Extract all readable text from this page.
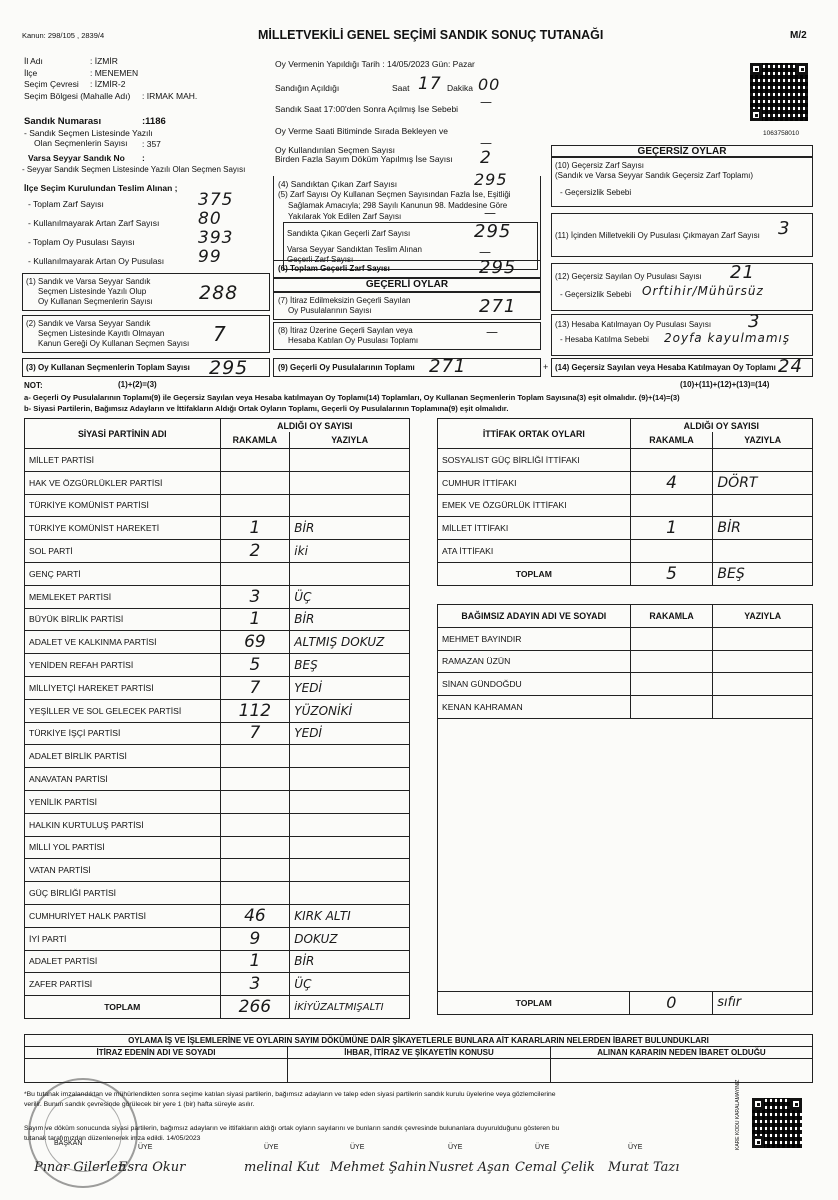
Kanun: 298/105 , 2839/4	MİLLETVEKİLİ GENEL SEÇİMİ SANDIK SONUÇ TUTANAĞI	M/2
1063758010
İl Adı	: İZMİR
İlçe	: MENEMEN
Seçim Çevresi : İZMİR-2
Seçim Bölgesi (Mahalle Adı) : IRMAK MAH.
Oy Vermenin Yapıldığı Tarih : 14/05/2023 Gün: Pazar
Sandığın Açıldığı	Saat 17 Dakika 00
Sandık Saat 17:00'den Sonra Açılmış İse Sebebi —
Sandık Numarası	:1186
- Sandık Seçmen Listesinde Yazılı
Olan Seçmenlerin Sayısı	: 357
Varsa Seyyar Sandık No :
- Seyyar Sandık Seçmen Listesinde Yazılı Olan Seçmen Sayısı
Oy Verme Saati Bitiminde Sırada Bekleyen ve
Oy Kullandırılan Seçmen Sayısı	—
Birden Fazla Sayım Döküm Yapılmış İse Sayısı 2
İlçe Seçim Kurulundan Teslim Alınan ;
- Toplam Zarf Sayısı	375
- Kullanılmayarak Artan Zarf Sayısı 80
- Toplam Oy Pusulası Sayısı	393
- Kullanılmayarak Artan Oy Pusulası 99
(1) Sandık ve Varsa Seyyar Sandık
Seçmen Listesinde Yazılı Olup
Oy Kullanan Seçmenlerin Sayısı 288
(2) Sandık ve Varsa Seyyar Sandık
Seçmen Listesinde Kayıtlı Olmayan
Kanun Gereği Oy Kullanan Seçmen Sayısı 7
(3) Oy Kullanan Seçmenlerin Toplam Sayısı 295
(1)+(2)=(3)
(4) Sandıktan Çıkan Zarf Sayısı	295
(5) Zarf Sayısı Oy Kullanan Seçmen Sayısından Fazla İse, Eşitliği
Sağlamak Amacıyla; 298 Sayılı Kanunun 98. Maddesine Göre
Yakılarak Yok Edilen Zarf Sayısı	—
Sandıkta Çıkan Geçerli Zarf Sayısı	295
Varsa Seyyar Sandıktan Teslim Alınan
Geçerli Zarf Sayısı
—
(6) Toplam Geçerli Zarf Sayısı	295
GEÇERLİ OYLAR
(7) İtiraz Edilmeksizin Geçerli Sayılan
Oy Pusulalarının Sayısı	271
(8) İtiraz Üzerine Geçerli Sayılan veya
Hesaba Katılan Oy Pusulası Toplamı
—
(9) Geçerli Oy Pusulalarının Toplamı 271	+
GEÇERSİZ OYLAR
(10) Geçersiz Zarf Sayısı
(Sandık ve Varsa Seyyar Sandık Geçersiz Zarf Toplamı)
- Geçersizlik Sebebi
(11) İçinden Milletvekili Oy Pusulası Çıkmayan Zarf Sayısı 3
(12) Geçersiz Sayılan Oy Pusulası Sayısı 21
- Geçersizlik Sebebi Orftihir/Mühürsüz
(13) Hesaba Katılmayan Oy Pusulası Sayısı 3
- Hesaba Katılma Sebebi 2oyfa kayulmamış
(14) Geçersiz Sayılan veya Hesaba Katılmayan Oy Toplamı 24
(10)+(11)+(12)+(13)=(14)
NOT:
a- Geçerli Oy Pusulalarının Toplamı(9) ile Geçersiz Sayılan veya Hesaba katılmayan Oy Toplamı(14) Toplamları, Oy Kullanan Seçmenlerin Toplam Sayısına(3) eşit olmalıdır. (9)+(14)=(3)
b- Siyasi Partilerin, Bağımsız Adayların ve İttifakların Aldığı Ortak Oyların Toplamı, Geçerli Oy Pusulalarının Toplamına(9) eşit olmalıdır.
SİYASİ PARTİNİN ADI	ALDIĞI OY SAYISI	
	RAKAMLA	YAZIYLA
MİLLET PARTİSİ		
HAK VE ÖZGÜRLÜKLER PARTİSİ		
TÜRKİYE KOMÜNİST PARTİSİ		
TÜRKİYE KOMÜNİST HAREKETİ	1	BİR
SOL PARTİ	2	iki
GENÇ PARTİ		
MEMLEKET PARTİSİ	3	ÜÇ
BÜYÜK BİRLİK PARTİSİ	1	BİR
ADALET VE KALKINMA PARTİSİ	69	ALTMIŞ DOKUZ
YENİDEN REFAH PARTİSİ	5	BEŞ
MİLLİYETÇİ HAREKET PARTİSİ	7	YEDİ
YEŞİLLER VE SOL GELECEK PARTİSİ	112	YÜZONİKİ
TÜRKİYE İŞÇİ PARTİSİ	7	YEDİ
ADALET BİRLİK PARTİSİ		
ANAVATAN PARTİSİ		
YENİLİK PARTİSİ		
HALKIN KURTULUŞ PARTİSİ		
MİLLİ YOL PARTİSİ		
VATAN PARTİSİ		
GÜÇ BİRLİĞİ PARTİSİ		
CUMHURİYET HALK PARTİSİ	46	KIRK ALTI
İYİ PARTİ	9	DOKUZ
ADALET PARTİSİ	1	BİR
ZAFER PARTİSİ	3	ÜÇ
TOPLAM	266	İKİYÜZALTMIŞALTI
İTTİFAK ORTAK OYLARI	ALDIĞI OY SAYISI	
	RAKAMLA	YAZIYLA
SOSYALIST GÜÇ BİRLİĞİ İTTİFAKI		
CUMHUR İTTİFAKI	4	DÖRT
EMEK VE ÖZGÜRLÜK İTTİFAKI		
MİLLET İTTİFAKI	1	BİR
ATA İTTİFAKI		
TOPLAM	5	BEŞ
BAĞIMSIZ ADAYIN ADI VE SOYADI	RAKAMLA	YAZIYLA
MEHMET BAYINDIR		
RAMAZAN ÜZÜN		
SİNAN GÜNDOĞDU		
KENAN KAHRAMAN		
TOPLAM	0	sıfır
OYLAMA İŞ VE İŞLEMLERİNE VE OYLARIN SAYIM DÖKÜMÜNE DAİR ŞİKAYETLERLE BUNLARA AİT KARARLARIN NELERDEN İBARET BULUNDUKLARI		
İTİRAZ EDENİN ADI VE SOYADI	İHBAR, İTİRAZ VE ŞİKAYETİN KONUSU	ALINAN KARARIN NEDEN İBARET OLDUĞU

*Bu tutanak imzalandıktan ve mühürlendikten sonra seçime katılan siyasi partilerin, bağımsız adayların ve talep eden siyasi partilerin sandık kurulu üyelerine veya gözlemcilerine
verilir. Bunun sandık çevresinde görülecek bir yere 1 (bir) hafta süreyle asılır.
Sayım ve döküm sonucunda siyasi partilerin, bağımsız adayların ve ittifakların aldığı ortak oyların sayılarını ve bunların sandık çevresinde bulunanlara duyurulduğunu gösteren bu
tutanak tarafımızdan düzenlenerek imza edildi. 14/05/2023	KARE KODU KARALAMAYINIZ
BAŞKAN
Pınar Gilerlen
ÜYE
Esra Okur
ÜYE
melinal Kut
ÜYE
Mehmet Şahin
ÜYE
Nusret Aşan
ÜYE
Cemal Çelik
ÜYE
Murat Tazı
